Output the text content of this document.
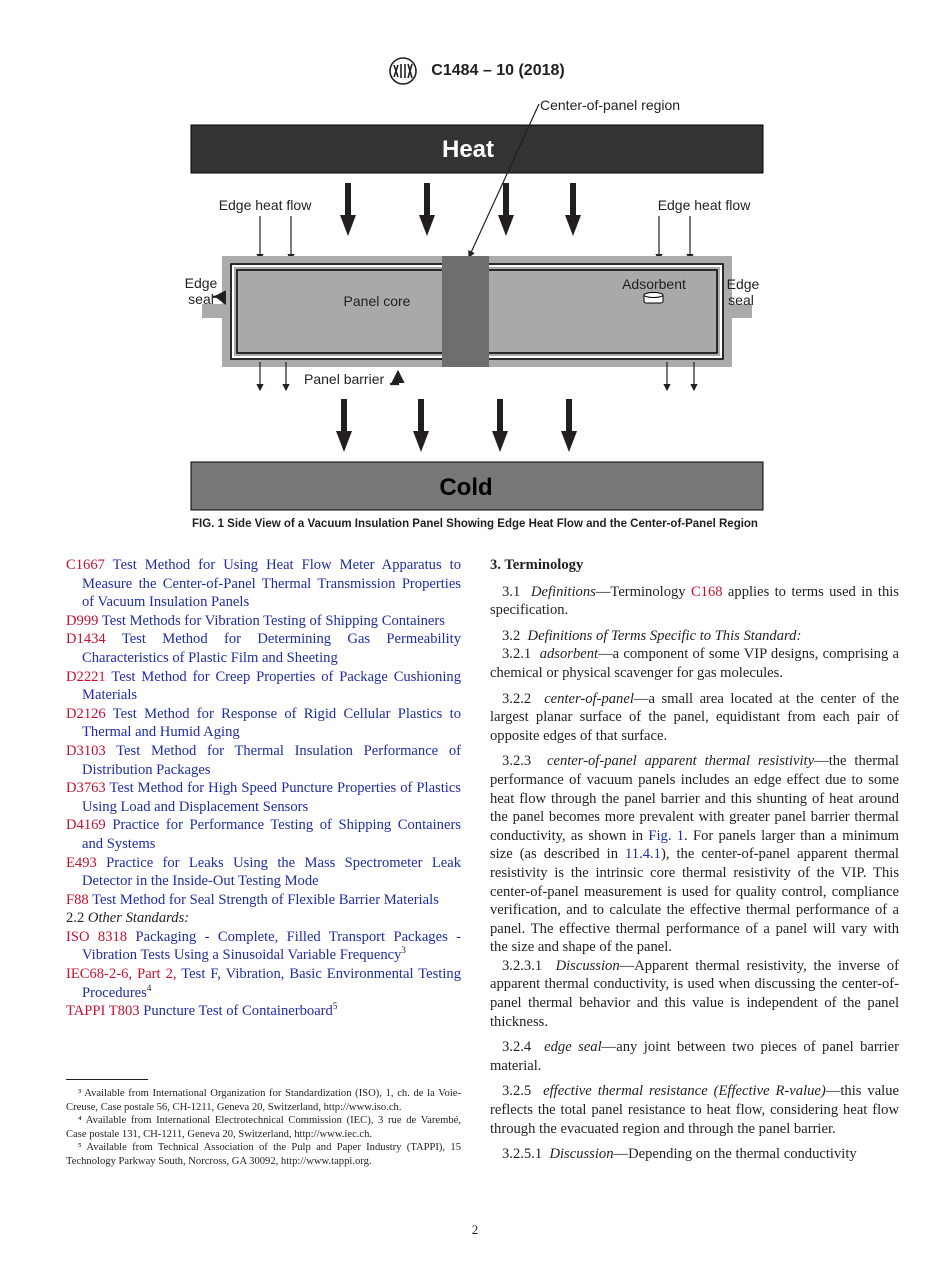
C1484 – 10 (2018)
Heat
Center-of-panel region
Edge heat flow	Edge heat flow
Panel core
Adsorbent
Edge
seal
Edge
seal
Panel barrier
Cold
FIG. 1 Side View of a Vacuum Insulation Panel Showing Edge Heat Flow and the Center-of-Panel Region

C1667 Test Method for Using Heat Flow Meter Apparatus to Measure the Center-of-Panel Thermal Transmission Properties of Vacuum Insulation Panels

D999 Test Methods for Vibration Testing of Shipping Containers

D1434 Test Method for Determining Gas Permeability Characteristics of Plastic Film and Sheeting

D2221 Test Method for Creep Properties of Package Cushioning Materials

D2126 Test Method for Response of Rigid Cellular Plastics to Thermal and Humid Aging

D3103 Test Method for Thermal Insulation Performance of Distribution Packages

D3763 Test Method for High Speed Puncture Properties of Plastics Using Load and Displacement Sensors

D4169 Practice for Performance Testing of Shipping Containers and Systems

E493 Practice for Leaks Using the Mass Spectrometer Leak Detector in the Inside-Out Testing Mode

F88 Test Method for Seal Strength of Flexible Barrier Materials

2.2 Other Standards:

ISO 8318 Packaging - Complete, Filled Transport Packages - Vibration Tests Using a Sinusoidal Variable Frequency$^3$

IEC68-2-6, Part 2, Test F, Vibration, Basic Environmental Testing Procedures$^4$

TAPPI T803 Puncture Test of Containerboard$^5$

³ Available from International Organization for Standardization (ISO), 1, ch. de la Voie-Creuse, Case postale 56, CH-1211, Geneva 20, Switzerland, http://www.iso.ch.

⁴ Available from International Electrotechnical Commission (IEC), 3 rue de Varembé, Case postale 131, CH-1211, Geneva 20, Switzerland, http://www.iec.ch.

⁵ Available from Technical Association of the Pulp and Paper Industry (TAPPI), 15 Technology Parkway South, Norcross, GA 30092, http://www.tappi.org.

3. Terminology

3.1 Definitions—Terminology C168 applies to terms used in this specification.

3.2 Definitions of Terms Specific to This Standard:

3.2.1 adsorbent—a component of some VIP designs, comprising a chemical or physical scavenger for gas molecules.

3.2.2 center-of-panel—a small area located at the center of the largest planar surface of the panel, equidistant from each pair of opposite edges of that surface.

3.2.3 center-of-panel apparent thermal resistivity—the thermal performance of vacuum panels includes an edge effect due to some heat flow through the panel barrier and this shunting of heat around the panel becomes more prevalent with greater panel barrier thermal conductivity, as shown in Fig. 1. For panels larger than a minimum size (as described in 11.4.1), the center-of-panel apparent thermal resistivity is the intrinsic core thermal resistivity of the VIP. This center-of-panel measurement is used for quality control, compliance verification, and to calculate the effective thermal performance of a panel. The effective thermal performance of a panel will vary with the size and shape of the panel.

3.2.3.1 Discussion—Apparent thermal resistivity, the inverse of apparent thermal conductivity, is used when discussing the center-of-panel thermal behavior and this value is independent of the panel thickness.

3.2.4 edge seal—any joint between two pieces of panel barrier material.

3.2.5 effective thermal resistance (Effective R-value)—this value reflects the total panel resistance to heat flow, considering heat flow through the evacuated region and through the panel barrier.

3.2.5.1 Discussion—Depending on the thermal conductivity

2
